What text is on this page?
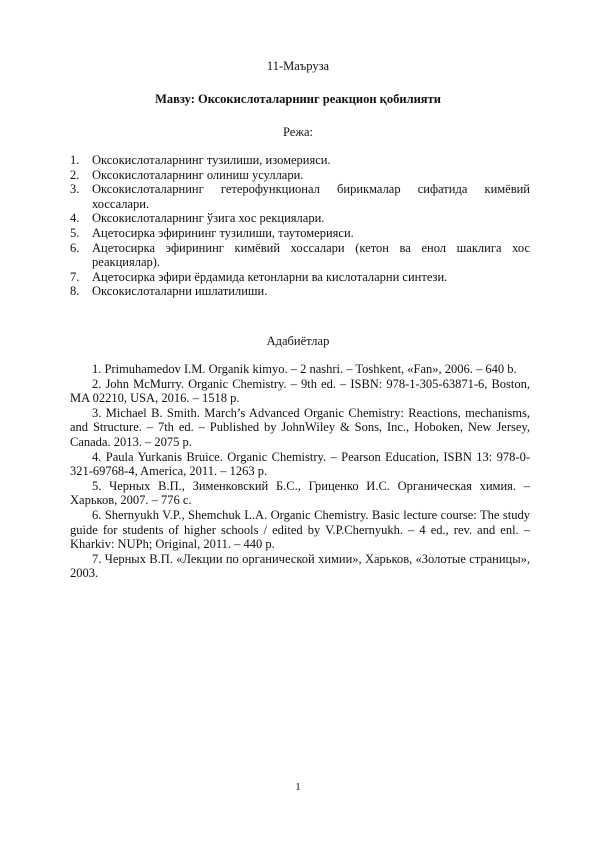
11-Маъруза
Мавзу: Оксокислоталарнинг реакцион қобилияти
Режа:
1. Оксокислоталарнинг тузилиши, изомерияси.
2. Оксокислоталарнинг олиниш усуллари.
3. Оксокислоталарнинг гетерофункционал бирикмалар сифатида кимёвий хоссалари.
4. Оксокислоталарнинг ўзига хос рекциялари.
5. Ацетосирка эфирининг тузилиши, таутомерияси.
6. Ацетосирка эфирининг кимёвий хоссалари (кетон ва енол шаклига хос реакциялар).
7. Ацетосирка эфири ёрдамида кетонларни ва кислоталарни синтези.
8. Оксокислоталарни ишлатилиши.
Адабиётлар

1. Primuhamedov I.M. Organik kimyo. – 2 nashri. – Toshkent, «Fan», 2006. – 640 b.

2. John McMurry. Organic Chemistry. – 9th ed. – ISBN: 978-1-305-63871-6, Boston, MA 02210, USA, 2016. – 1518 p.

3. Michael B. Smith. March’s Advanced Organic Chemistry: Reactions, mechanisms, and Structure. – 7th ed. – Published by JohnWiley & Sons, Inc., Hoboken, New Jersey, Canada. 2013. – 2075 p.

4. Paula Yurkanis Bruice. Organic Chemistry. – Pearson Education, ISBN 13: 978-0-321-69768-4, America, 2011. – 1263 p.

5. Черных В.П., Зименковский Б.С., Гриценко И.С. Органическая химия. – Харьков, 2007. – 776 с.

6. Shernyukh V.P., Shemchuk L.A. Organic Chemistry. Basic lecture course: The study guide for students of higher schools / edited by V.P.Chernyukh. – 4 ed., rev. and enl. – Kharkiv: NUPh; Original, 2011. – 440 p.

7. Черных В.П. «Лекции по органической химии», Харьков, «Золотые страницы», 2003.

1
